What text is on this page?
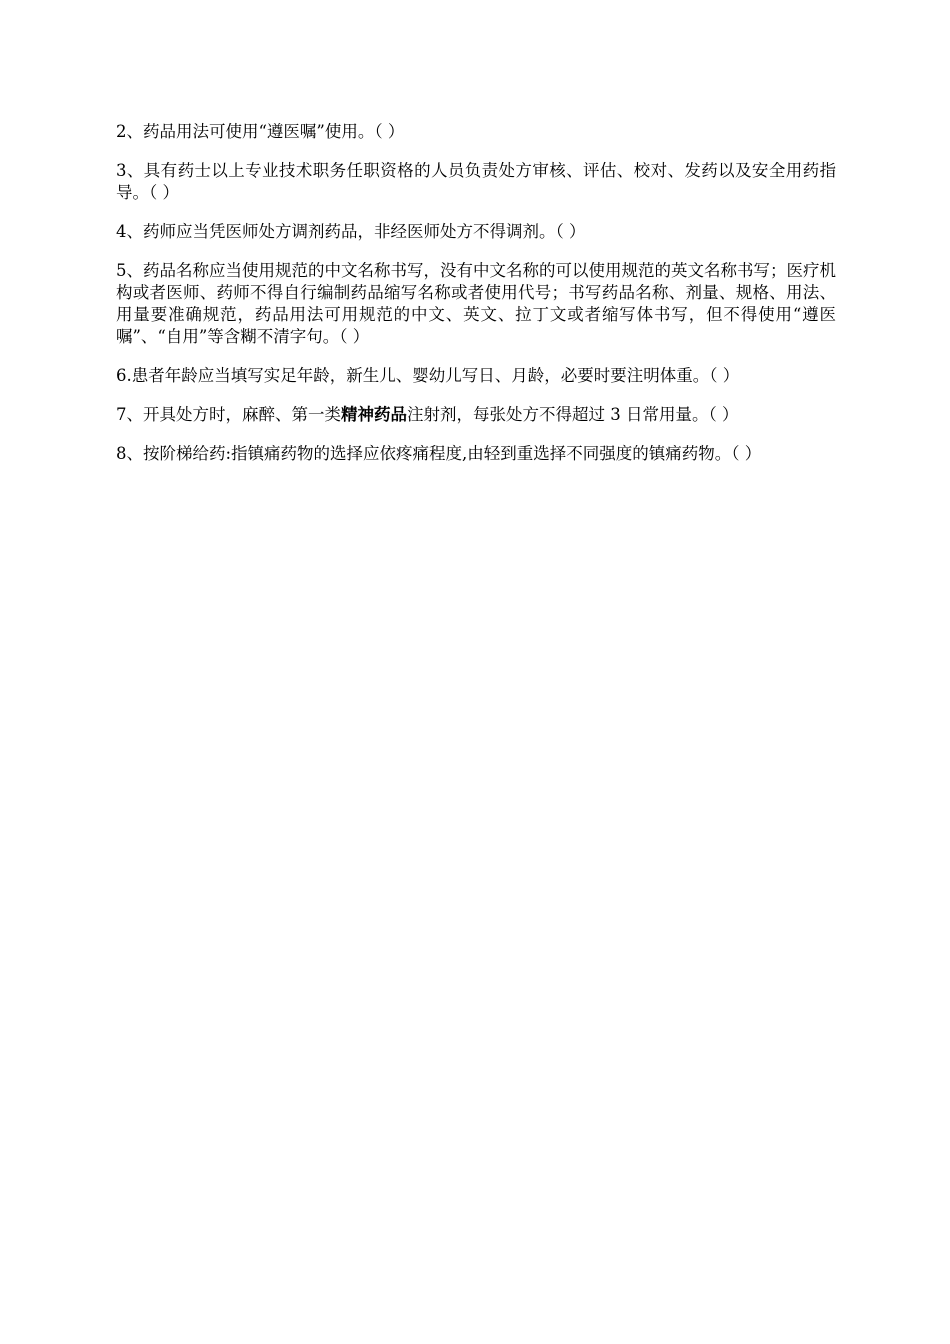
2、药品用法可使用“遵医嘱”使用。（ ）

3、具有药士以上专业技术职务任职资格的人员负责处方审核、评估、校对、发药以及安全用药指导。（ ）

4、药师应当凭医师处方调剂药品，非经医师处方不得调剂。（ ）

5、药品名称应当使用规范的中文名称书写，没有中文名称的可以使用规范的英文名称书写；医疗机构或者医师、药师不得自行编制药品缩写名称或者使用代号；书写药品名称、剂量、规格、用法、用量要准确规范，药品用法可用规范的中文、英文、拉丁文或者缩写体书写，但不得使用“遵医嘱”、“自用”等含糊不清字句。（ ）

6.患者年龄应当填写实足年龄，新生儿、婴幼儿写日、月龄，必要时要注明体重。（ ）

7、开具处方时，麻醉、第一类精神药品注射剂，每张处方不得超过 3 日常用量。（ ）

8、按阶梯给药:指镇痛药物的选择应依疼痛程度,由轻到重选择不同强度的镇痛药物。（ ）
